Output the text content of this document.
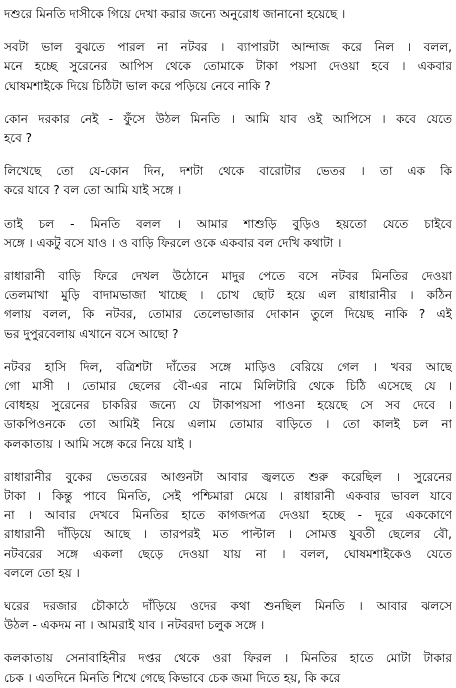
দশুরে মিনতি দাসীকে গিয়ে দেখা করার জন্যে অনুরোধ জানানো হয়েছে ।
সবটা ভাল বুঝতে পারল না নটবর । ব্যাপারটা আন্দাজ করে নিল । বলল,
মনে হচ্ছে সুরেনের আপিস থেকে তোমাকে টাকা পয়সা দেওয়া হবে । একবার
ঘোষমশাইকে দিয়ে চিঠিটা ভাল করে পড়িয়ে নেবে নাকি ?
কোন দরকার নেই - ফুঁসে উঠল মিনতি । আমি যাব ওই আপিসে । কবে যেতে
হবে ?
লিখেছে তো যে-কোন দিন, দশটা থেকে বারোটার ভেতর । তা এক কি
করে যাবে ? বল তো আমি যাই সঙ্গে ।
তাই চল - মিনতি বলল । আমার শাশুড়ি বুড়িও হয়তো যেতে চাইবে
সঙ্গে । একটু বসে যাও । ও বাড়ি ফিরলে ওকে একবার বল দেখি কথাটা ।
রাধারানী বাড়ি ফিরে দেখল উঠোনে মাদুর পেতে বসে নটবর মিনতির দেওয়া
তেলমাখা মুড়ি বাদামভাজা খাচ্ছে । চোখ ছোট হয়ে এল রাধারানীর । কঠিন
গলায় বলল, কি নটবর, তোমার তেলেভাজার দোকান তুলে দিয়েছ নাকি ? এই
ভর দুপুরবেলায় এখানে বসে আছো ?
নটবর হাসি দিল, বত্রিশটা দাঁতের সঙ্গে মাড়িও বেরিয়ে গেল । খবর আছে
গো মাসী । তোমার ছেলের বৌ-এর নামে মিলিটারি থেকে চিঠি এসেছে যে ।
বোধহয় সুরেনের চাকরির জন্যে যে টাকাপয়সা পাওনা হয়েছে সে সব দেবে ।
ডাকপিওনকে তো আমিই নিয়ে এলাম তোমার বাড়িতে । তো কালই চল না
কলকাতায় । আমি সঙ্গে করে নিয়ে যাই ।
রাধারানীর বুকের ভেতরের আগুনটা আবার জ্বলতে শুরু করেছিল । সুরেনের
টাকা । কিন্তু পাবে মিনতি, সেই পশ্চিমারা মেয়ে । রাধারানী একবার ভাবল যাবে
না । আবার দেখবে মিনতির হাতে কাগজপত্র দেওয়া হচ্ছে - দূরে এককোণে
রাধারানী দাঁড়িয়ে আছে । তারপরই মত পাল্টাল । সোমত্ত যুবতী ছেলের বৌ,
নটবরের সঙ্গে একলা ছেড়ে দেওয়া যায় না । বলল, ঘোষমশাইকেও যেতে
বললে তো হয় ।
ঘরের দরজার চৌকাঠে দাঁড়িয়ে ওদের কথা শুনছিল মিনতি । আবার ঝলসে
উঠল - একদম না । আমরাই যাব । নটবরদা চলুক সঙ্গে ।
কলকাতায় সেনাবাহিনীর দপ্তর থেকে ওরা ফিরল । মিনতির হাতে মোটা টাকার
চেক । এতদিনে মিনতি শিখে গেছে কিভাবে চেক জমা দিতে হয়, কি করে
